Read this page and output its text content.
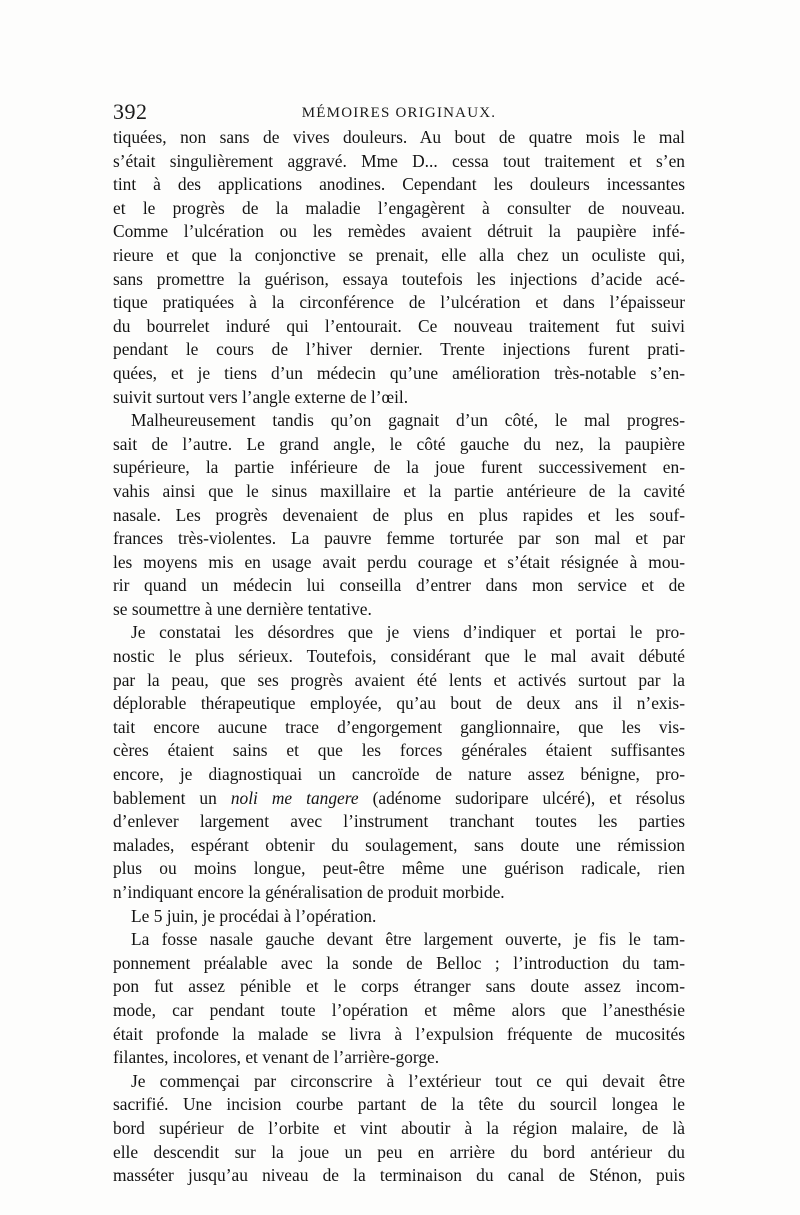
392	MÉMOIRES ORIGINAUX.
tiquées, non sans de vives douleurs. Au bout de quatre mois le mal
s’était singulièrement aggravé. Mme D... cessa tout traitement et s’en
tint à des applications anodines. Cependant les douleurs incessantes
et le progrès de la maladie l’engagèrent à consulter de nouveau.
Comme l’ulcération ou les remèdes avaient détruit la paupière infé-
rieure et que la conjonctive se prenait, elle alla chez un oculiste qui,
sans promettre la guérison, essaya toutefois les injections d’acide acé-
tique pratiquées à la circonférence de l’ulcération et dans l’épaisseur
du bourrelet induré qui l’entourait. Ce nouveau traitement fut suivi
pendant le cours de l’hiver dernier. Trente injections furent prati-
quées, et je tiens d’un médecin qu’une amélioration très-notable s’en-
suivit surtout vers l’angle externe de l’œil.
Malheureusement tandis qu’on gagnait d’un côté, le mal progres-
sait de l’autre. Le grand angle, le côté gauche du nez, la paupière
supérieure, la partie inférieure de la joue furent successivement en-
vahis ainsi que le sinus maxillaire et la partie antérieure de la cavité
nasale. Les progrès devenaient de plus en plus rapides et les souf-
frances très-violentes. La pauvre femme torturée par son mal et par
les moyens mis en usage avait perdu courage et s’était résignée à mou-
rir quand un médecin lui conseilla d’entrer dans mon service et de
se soumettre à une dernière tentative.
Je constatai les désordres que je viens d’indiquer et portai le pro-
nostic le plus sérieux. Toutefois, considérant que le mal avait débuté
par la peau, que ses progrès avaient été lents et activés surtout par la
déplorable thérapeutique employée, qu’au bout de deux ans il n’exis-
tait encore aucune trace d’engorgement ganglionnaire, que les vis-
cères étaient sains et que les forces générales étaient suffisantes
encore, je diagnostiquai un cancroïde de nature assez bénigne, pro-
bablement un noli me tangere (adénome sudoripare ulcéré), et résolus
d’enlever largement avec l’instrument tranchant toutes les parties
malades, espérant obtenir du soulagement, sans doute une rémission
plus ou moins longue, peut-être même une guérison radicale, rien
n’indiquant encore la généralisation de produit morbide.
Le 5 juin, je procédai à l’opération.
La fosse nasale gauche devant être largement ouverte, je fis le tam-
ponnement préalable avec la sonde de Belloc ; l’introduction du tam-
pon fut assez pénible et le corps étranger sans doute assez incom-
mode, car pendant toute l’opération et même alors que l’anesthésie
était profonde la malade se livra à l’expulsion fréquente de mucosités
filantes, incolores, et venant de l’arrière-gorge.
Je commençai par circonscrire à l’extérieur tout ce qui devait être
sacrifié. Une incision courbe partant de la tête du sourcil longea le
bord supérieur de l’orbite et vint aboutir à la région malaire, de là
elle descendit sur la joue un peu en arrière du bord antérieur du
masséter jusqu’au niveau de la terminaison du canal de Sténon, puis
